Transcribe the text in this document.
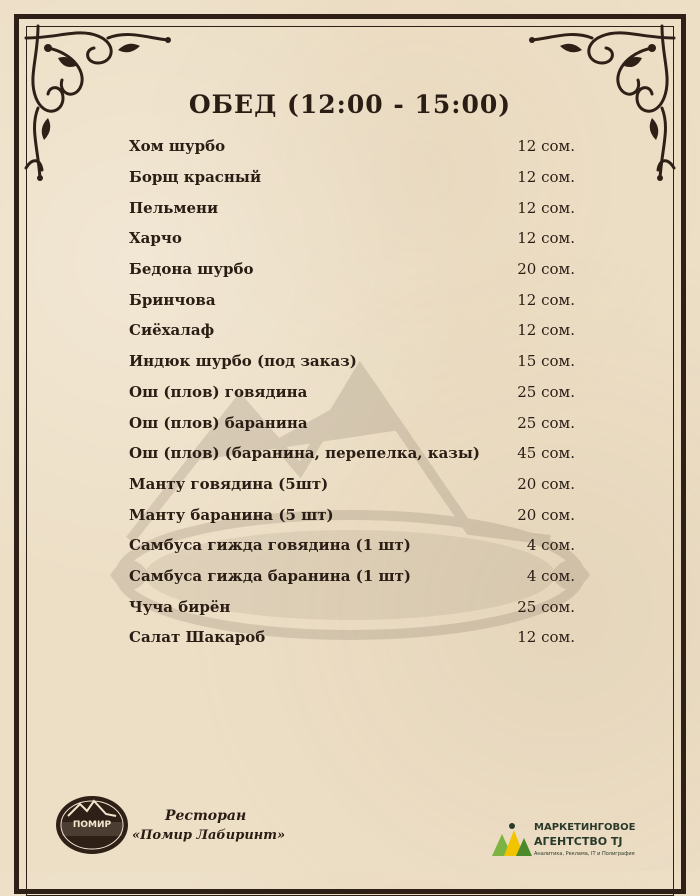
ОБЕД (12:00 - 15:00)
Хом шурбо	12 сом.
Борщ красный	12 сом.
Пельмени	12 сом.
Харчо	12 сом.
Бедона шурбо	20 сом.
Бринчова	12 сом.
Сиёхалаф	12 сом.
Индюк шурбо (под заказ)	15 сом.
Ош (плов) говядина	25 сом.
Ош (плов) баранина	25 сом.
Ош (плов) (баранина, перепелка, казы) 45 сом.
Манту говядина (5шт)	20 сом.
Манту баранина (5 шт)	20 сом.
Самбуса гижда говядина (1 шт)	4 сом.
Самбуса гижда баранина (1 шт)	4 сом.
Чуча бирён	25 сом.
Салат Шакароб	12 сом.
ПОМИР
Ресторан
«Помир Лабиринт»
МАРКЕТИНГОВОЕ
АГЕНТСТВО TJ
Аналитика, Реклама, IT и Полиграфия
